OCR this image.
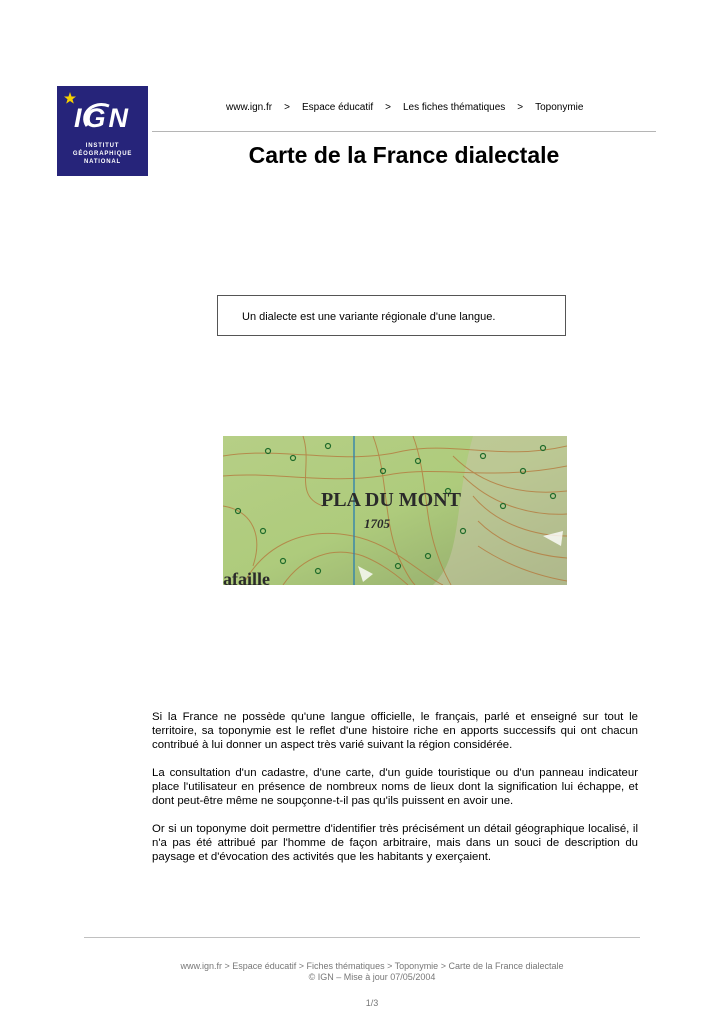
IGN
INSTITUT
GÉOGRAPHIQUE
NATIONAL
www.ign.fr > Espace éducatif > Les fiches thématiques > Toponymie
Carte de la France dialectale

Un dialecte est une variante régionale d'une langue.

PLA DU MONT
1705
afaille

Si la France ne possède qu'une langue officielle, le français, parlé et enseigné sur tout le territoire, sa toponymie est le reflet d'une histoire riche en apports successifs qui ont chacun contribué à lui donner un aspect très varié suivant la région considérée.

La consultation d'un cadastre, d'une carte, d'un guide touristique ou d'un panneau indicateur place l'utilisateur en présence de nombreux noms de lieux dont la signification lui échappe, et dont peut-être même ne soupçonne-t-il pas qu'ils puissent en avoir une.

Or si un toponyme doit permettre d'identifier très précisément un détail géographique localisé, il n'a pas été attribué par l'homme de façon arbitraire, mais dans un souci de description du paysage et d'évocation des activités que les habitants y exerçaient.

www.ign.fr > Espace éducatif > Fiches thématiques > Toponymie > Carte de la France dialectale
© IGN – Mise à jour 07/05/2004
1/3
